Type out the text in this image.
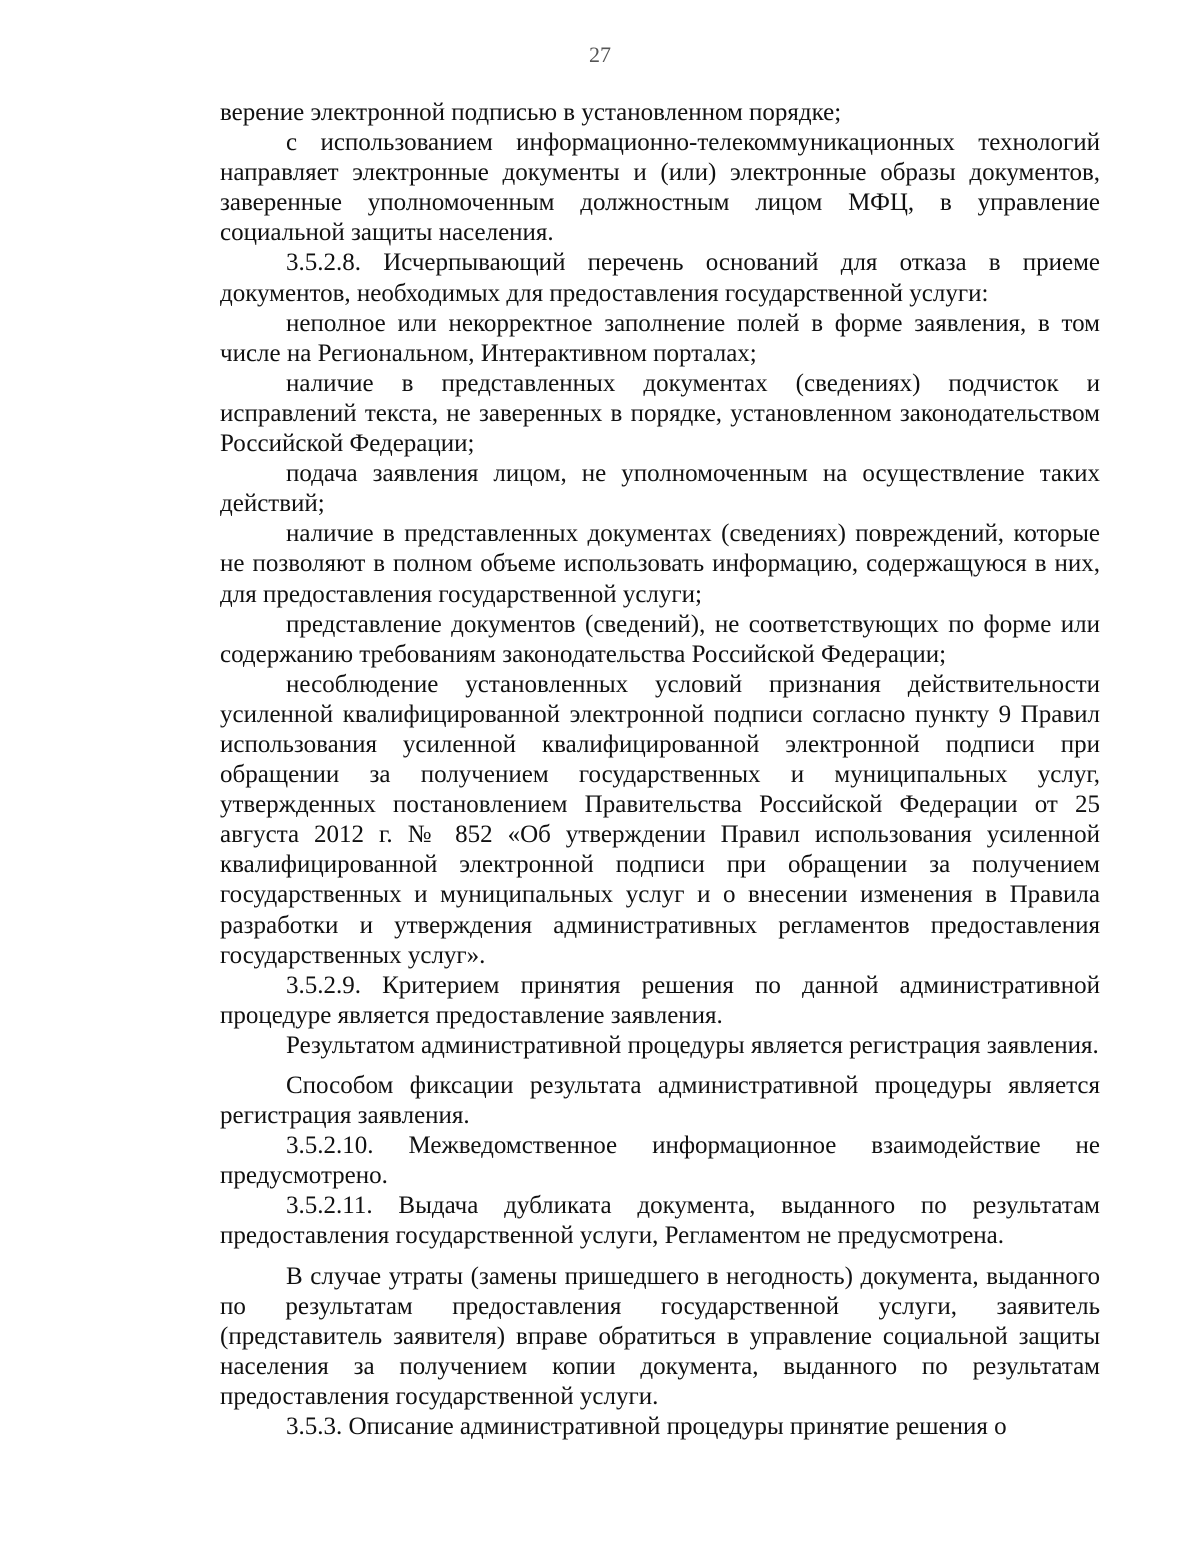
27

верение электронной подписью в установленном порядке;

с использованием информационно-телекоммуникационных технологий направляет электронные документы и (или) электронные образы документов, заверенные уполномоченным должностным лицом МФЦ, в управление социальной защиты населения.

3.5.2.8. Исчерпывающий перечень оснований для отказа в приеме документов, необходимых для предоставления государственной услуги:

неполное или некорректное заполнение полей в форме заявления, в том числе на Региональном, Интерактивном порталах;

наличие в представленных документах (сведениях) подчисток и исправлений текста, не заверенных в порядке, установленном законодательством Российской Федерации;

подача заявления лицом, не уполномоченным на осуществление таких действий;

наличие в представленных документах (сведениях) повреждений, которые не позволяют в полном объеме использовать информацию, содержащуюся в них, для предоставления государственной услуги;

представление документов (сведений), не соответствующих по форме или содержанию требованиям законодательства Российской Федерации;

несоблюдение установленных условий признания действительности усиленной квалифицированной электронной подписи согласно пункту 9 Правил использования усиленной квалифицированной электронной подписи при обращении за получением государственных и муниципальных услуг, утвержденных постановлением Правительства Российской Федерации от 25 августа 2012 г. № 852 «Об утверждении Правил использования усиленной квалифицированной электронной подписи при обращении за получением государственных и муниципальных услуг и о внесении изменения в Правила разработки и утверждения административных регламентов предоставления государственных услуг».

3.5.2.9. Критерием принятия решения по данной административной процедуре является предоставление заявления.

Результатом административной процедуры является регистрация заявления.

Способом фиксации результата административной процедуры является регистрация заявления.

3.5.2.10. Межведомственное информационное взаимодействие не предусмотрено.

3.5.2.11. Выдача дубликата документа, выданного по результатам предоставления государственной услуги, Регламентом не предусмотрена.

В случае утраты (замены пришедшего в негодность) документа, выданного по результатам предоставления государственной услуги, заявитель (представитель заявителя) вправе обратиться в управление социальной защиты населения за получением копии документа, выданного по результатам предоставления государственной услуги.

3.5.3. Описание административной процедуры принятие решения о
